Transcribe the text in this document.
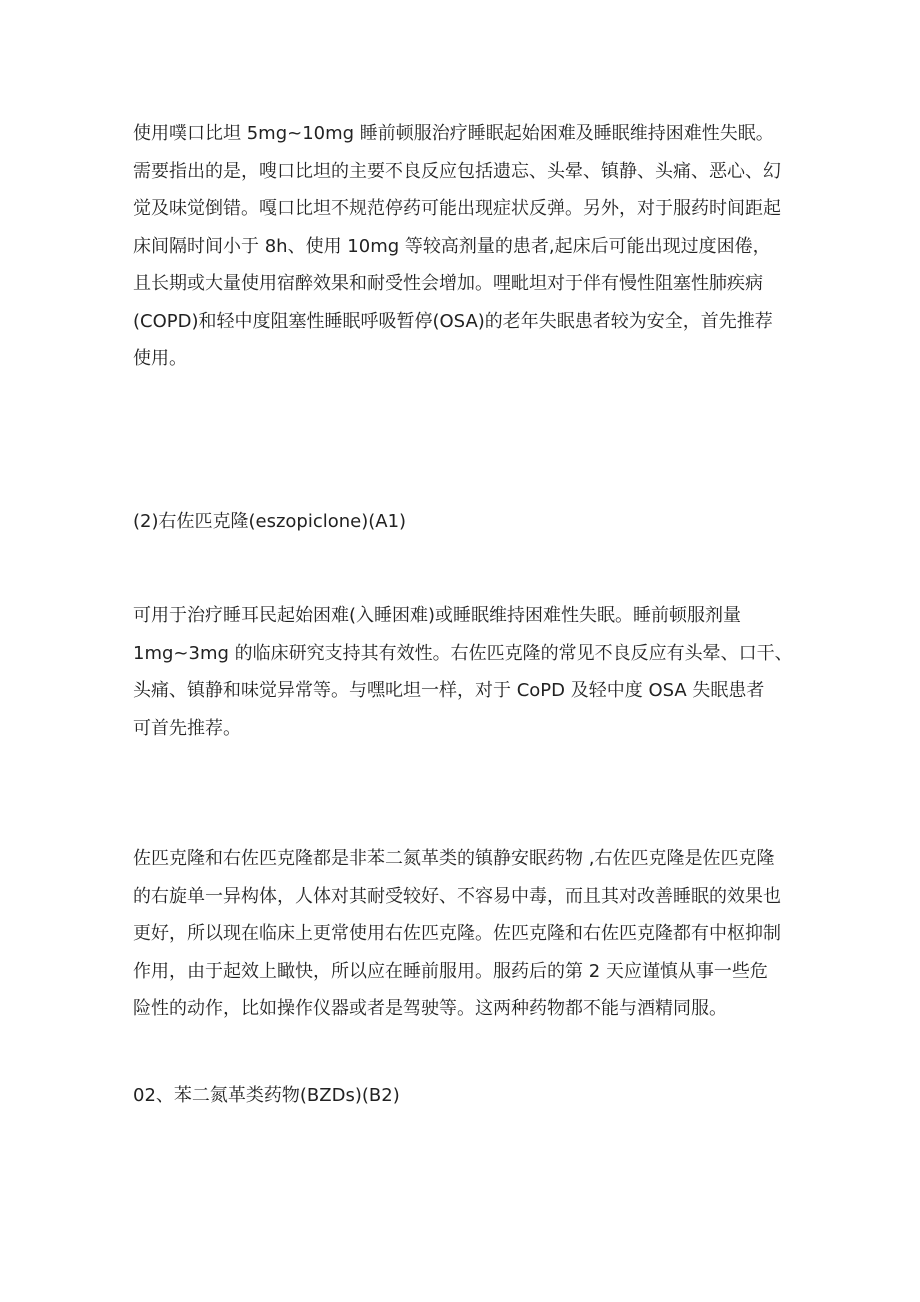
使用噗口比坦 5mg~10mg 睡前顿服治疗睡眠起始困难及睡眠维持困难性失眠。
需要指出的是，嗖口比坦的主要不良反应包括遗忘、头晕、镇静、头痛、恶心、幻
觉及味觉倒错。嘎口比坦不规范停药可能出现症状反弹。另外，对于服药时间距起
床间隔时间小于 8h、使用 10mg 等较高剂量的患者,起床后可能出现过度困倦，
且长期或大量使用宿醉效果和耐受性会增加。哩毗坦对于伴有慢性阻塞性肺疾病
(COPD)和轻中度阻塞性睡眠呼吸暂停(OSA)的老年失眠患者较为安全，首先推荐
使用。

(2)右佐匹克隆(eszopiclone)(A1)

可用于治疗睡耳民起始困难(入睡困难)或睡眠维持困难性失眠。睡前顿服剂量
1mg~3mg 的临床研究支持其有效性。右佐匹克隆的常见不良反应有头晕、口干、
头痛、镇静和味觉异常等。与嘿叱坦一样，对于 CoPD 及轻中度 OSA 失眠患者
可首先推荐。

佐匹克隆和右佐匹克隆都是非苯二氮革类的镇静安眠药物 ,右佐匹克隆是佐匹克隆
的右旋单一异构体，人体对其耐受较好、不容易中毒，而且其对改善睡眠的效果也
更好，所以现在临床上更常使用右佐匹克隆。佐匹克隆和右佐匹克隆都有中枢抑制
作用，由于起效上瞰快，所以应在睡前服用。服药后的第 2 天应谨慎从事一些危
险性的动作，比如操作仪器或者是驾驶等。这两种药物都不能与酒精同服。

02、苯二氮革类药物(BZDs)(B2)
